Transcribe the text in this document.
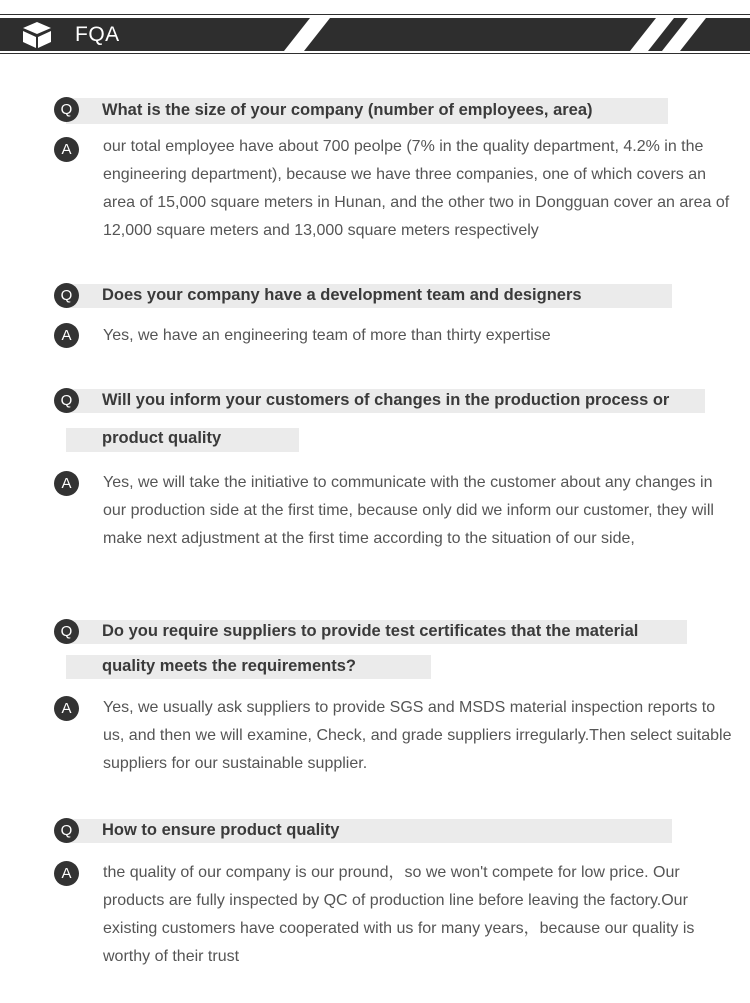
FQA
Q	What is the size of your company (number of employees, area)
A	our total employee have about 700 peolpe (7% in the quality department, 4.2% in the engineering department), because we have three companies, one of which covers an area of 15,000 square meters in Hunan, and the other two in Dongguan cover an area of 12,000 square meters and 13,000 square meters respectively

Q	Does your company have a development team and designers
A	Yes, we have an engineering team of more than thirty expertise

Q	Will you inform your customers of changes in the production process or
product quality
A	Yes, we will take the initiative to communicate with the customer about any changes in our production side at the first time, because only did we inform our customer, they will make next adjustment at the first time according to the situation of our side,

Q	Do you require suppliers to provide test certificates that the material
quality meets the requirements?
A	Yes, we usually ask suppliers to provide SGS and MSDS material inspection reports to us, and then we will examine, Check, and grade suppliers irregularly.Then select suitable suppliers for our sustainable supplier.

Q	How to ensure product quality
A	the quality of our company is our pround，so we won't compete for low price. Our products are fully inspected by QC of production line before leaving the factory.Our existing customers have cooperated with us for many years，because our quality is worthy of their trust
